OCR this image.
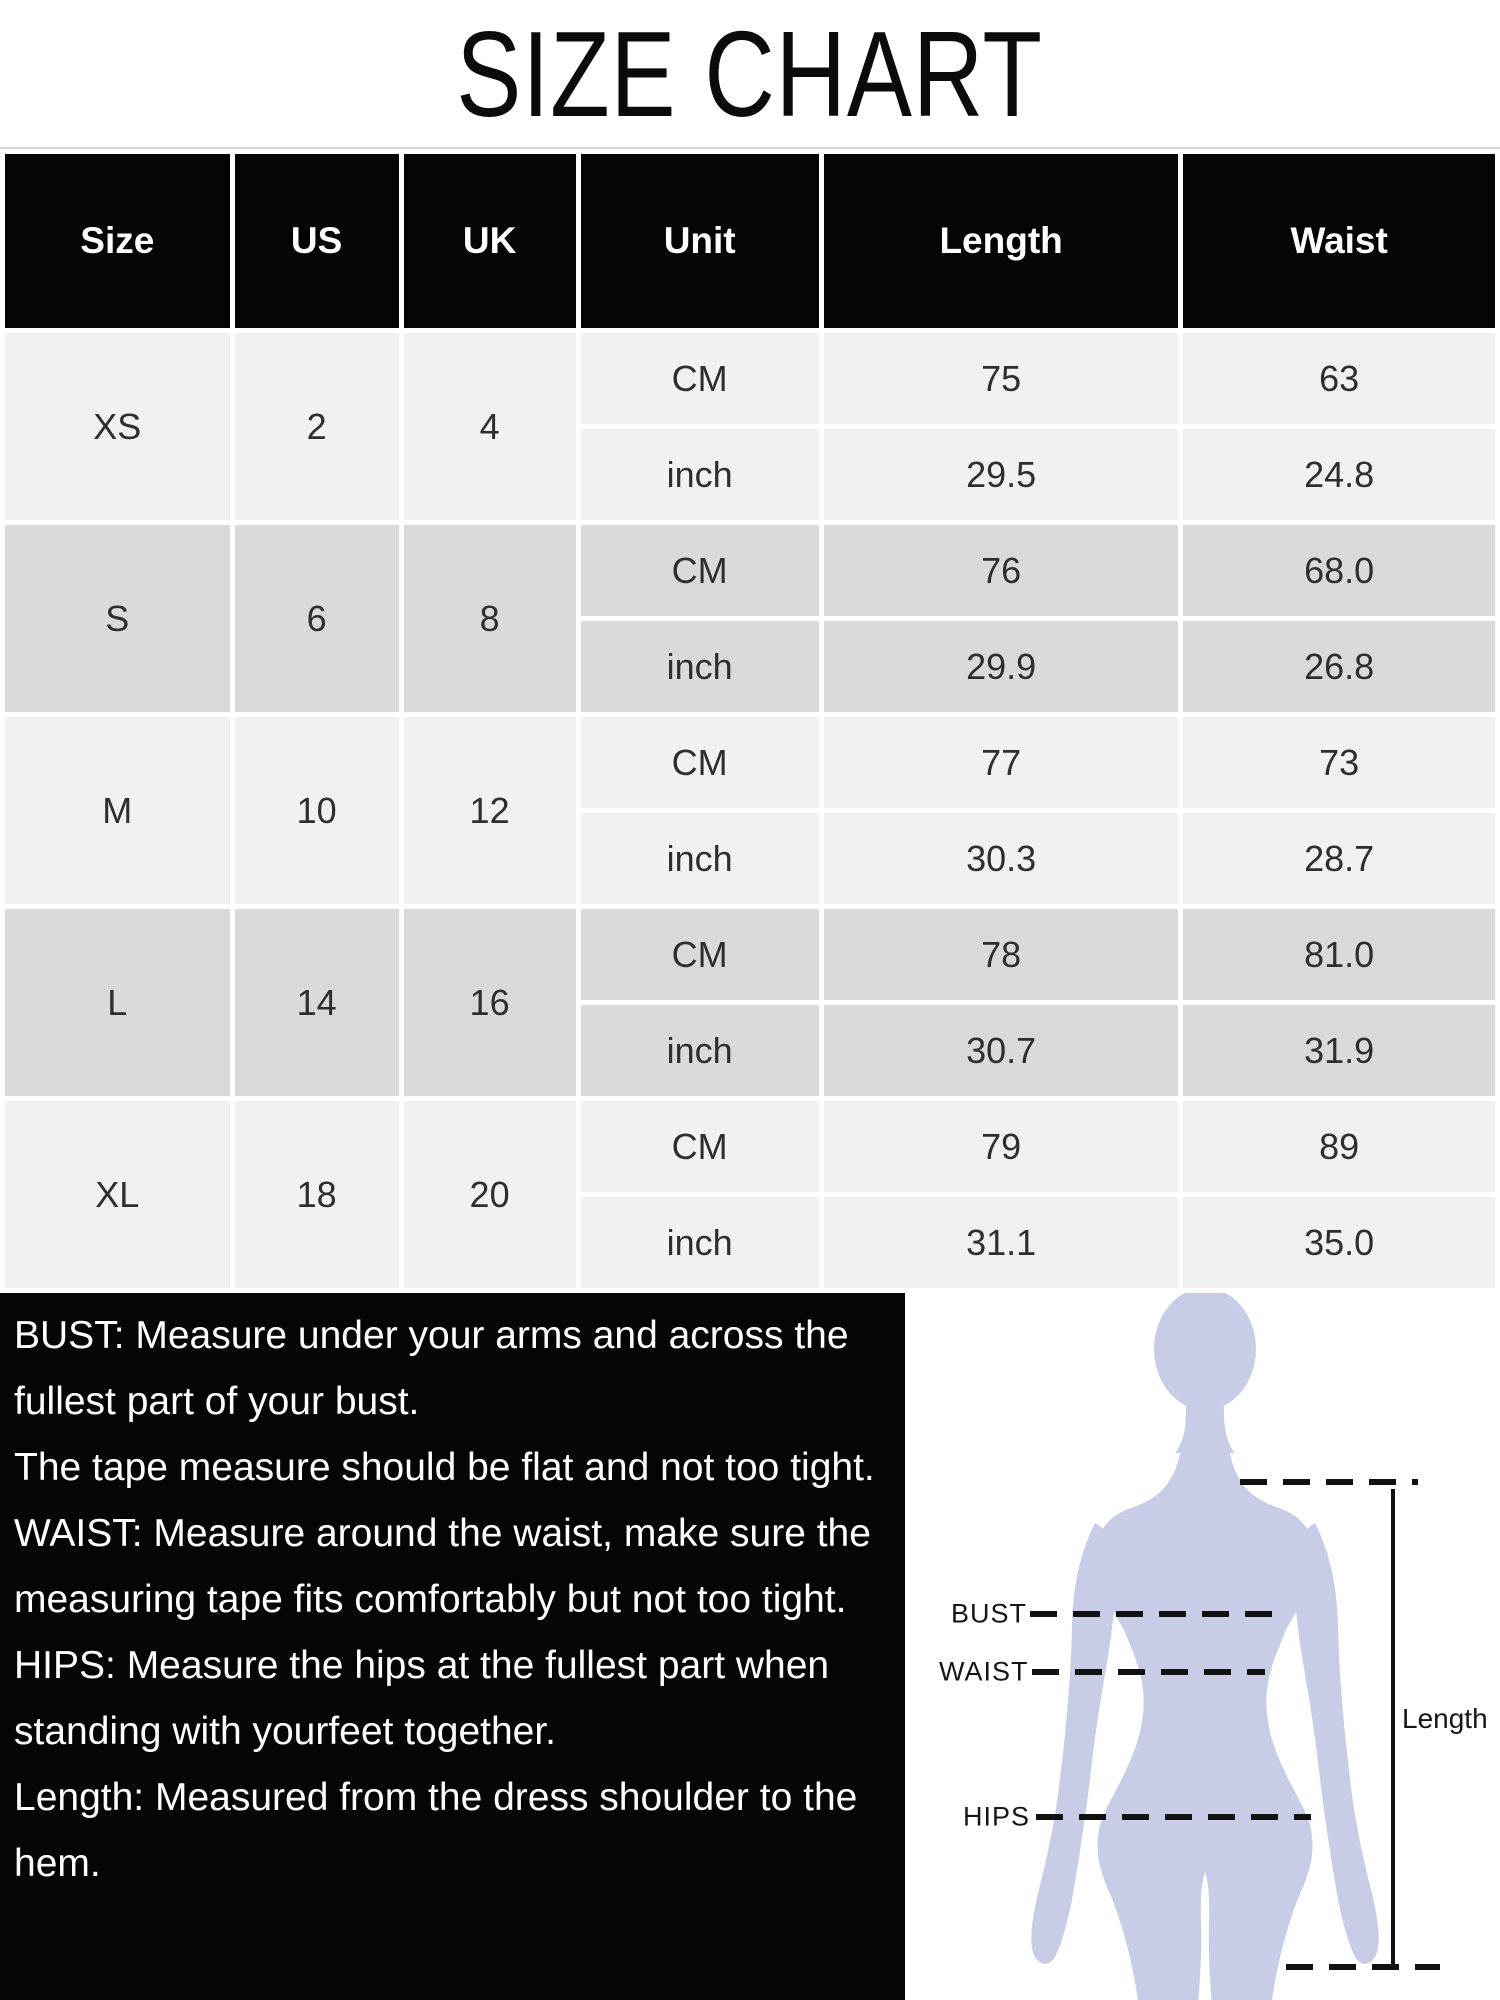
SIZE CHART
Size	US	UK	Unit	Length	Waist
XS	2	4	CM	75	63
			inch	29.5	24.8
S	6	8	CM	76	68.0
			inch	29.9	26.8
M	10	12	CM	77	73
			inch	30.3	28.7
L	14	16	CM	78	81.0
			inch	30.7	31.9
XL	18	20	CM	79	89
			inch	31.1	35.0

BUST: Measure under your arms and across the fullest part of your bust.

The tape measure should be flat and not too tight.

WAIST: Measure around the waist, make sure the measuring tape fits comfortably but not too tight.

HIPS: Measure the hips at the fullest part when standing with yourfeet together.

Length: Measured from the dress shoulder to the hem.

BUST
WAIST
HIPS
Length
